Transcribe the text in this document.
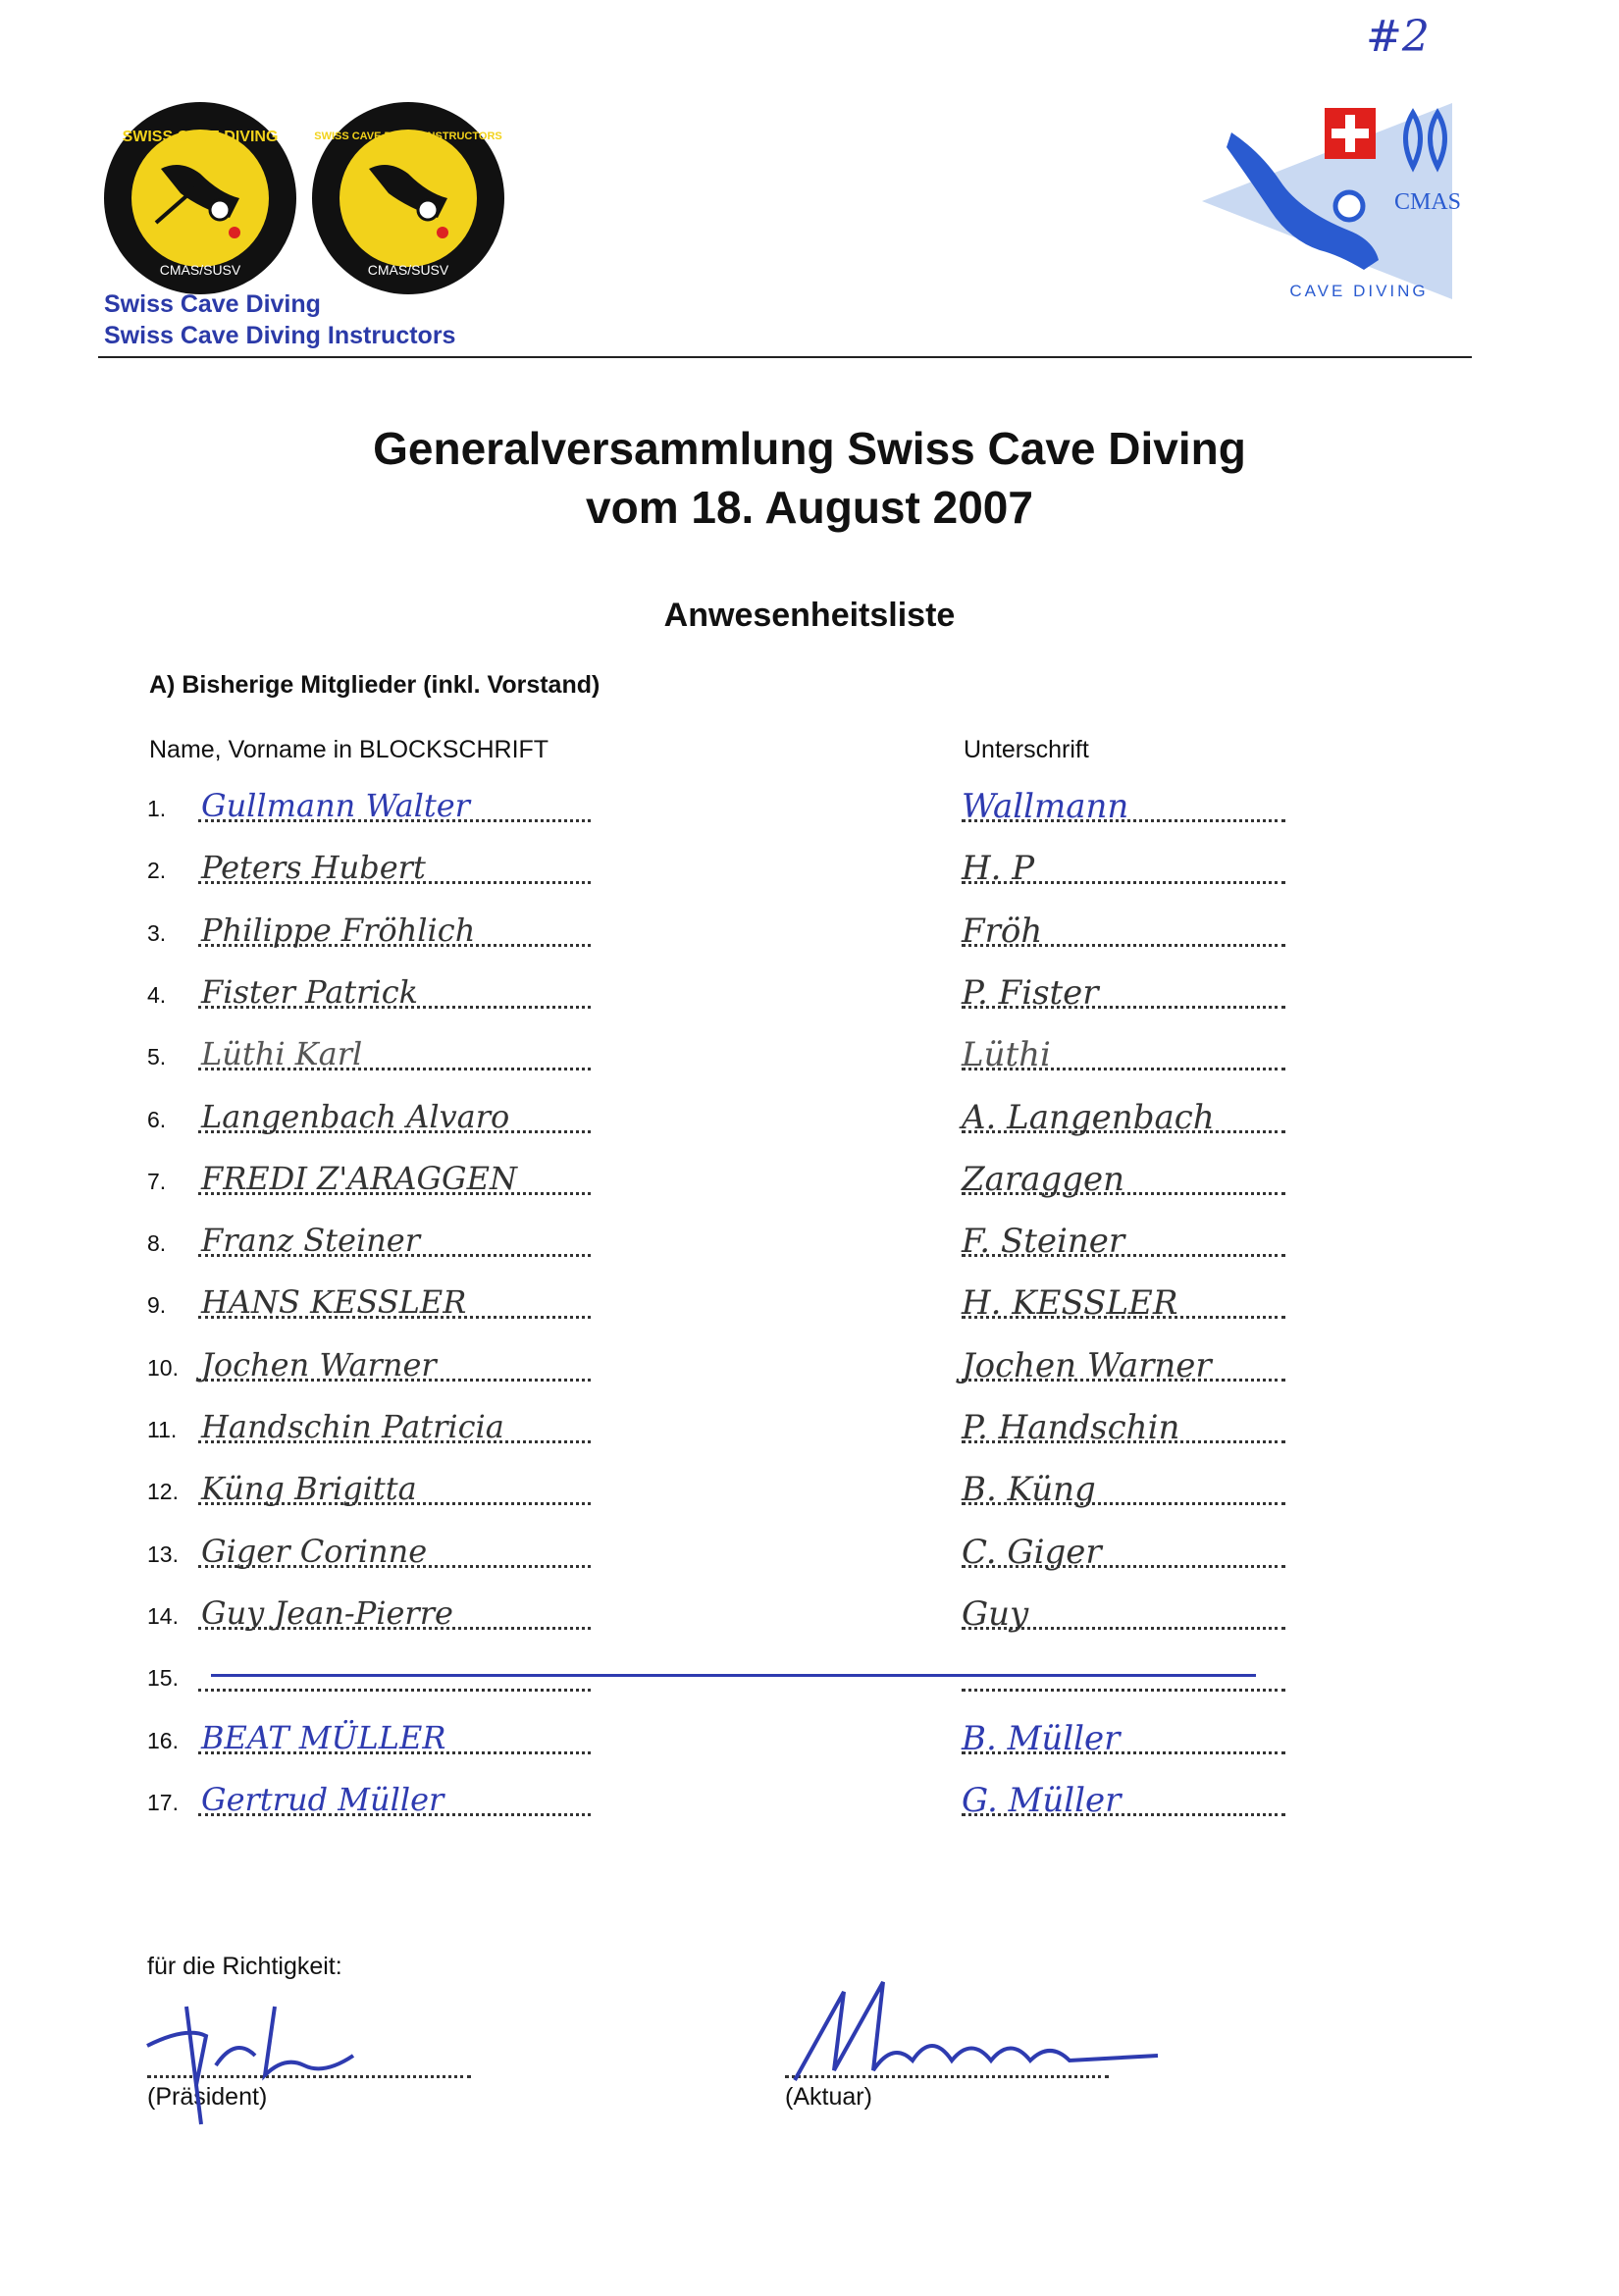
#2
SWISS CAVE DIVING
CMAS/SUSV
SWISS CAVE DIVING INSTRUCTORS
CMAS/SUSV
CMAS
CAVE DIVING
Swiss Cave Diving
Swiss Cave Diving Instructors
Generalversammlung Swiss Cave Diving
vom 18. August 2007
Anwesenheitsliste
A) Bisherige Mitglieder (inkl. Vorstand)
Name, Vorname in BLOCKSCHRIFT	Unterschrift
1. Gullmann Walter	Wallmann
2. Peters Hubert	H. P
3. Philippe Fröhlich	Fröh
4. Fister Patrick	P. Fister
5. Lüthi Karl	Lüthi
6. Langenbach Alvaro	A. Langenbach
7. FREDI Z'ARAGGEN	Zaraggen
8. Franz Steiner	F. Steiner
9. HANS KESSLER	H. KESSLER
10. Jochen Warner	Jochen Warner
11. Handschin Patricia	P. Handschin
12. Küng Brigitta	B. Küng
13. Giger Corinne	C. Giger
14. Guy Jean-Pierre	Guy
15.
16. BEAT MÜLLER	B. Müller
17. Gertrud Müller	G. Müller
für die Richtigkeit:
(Präsident)	(Aktuar)
